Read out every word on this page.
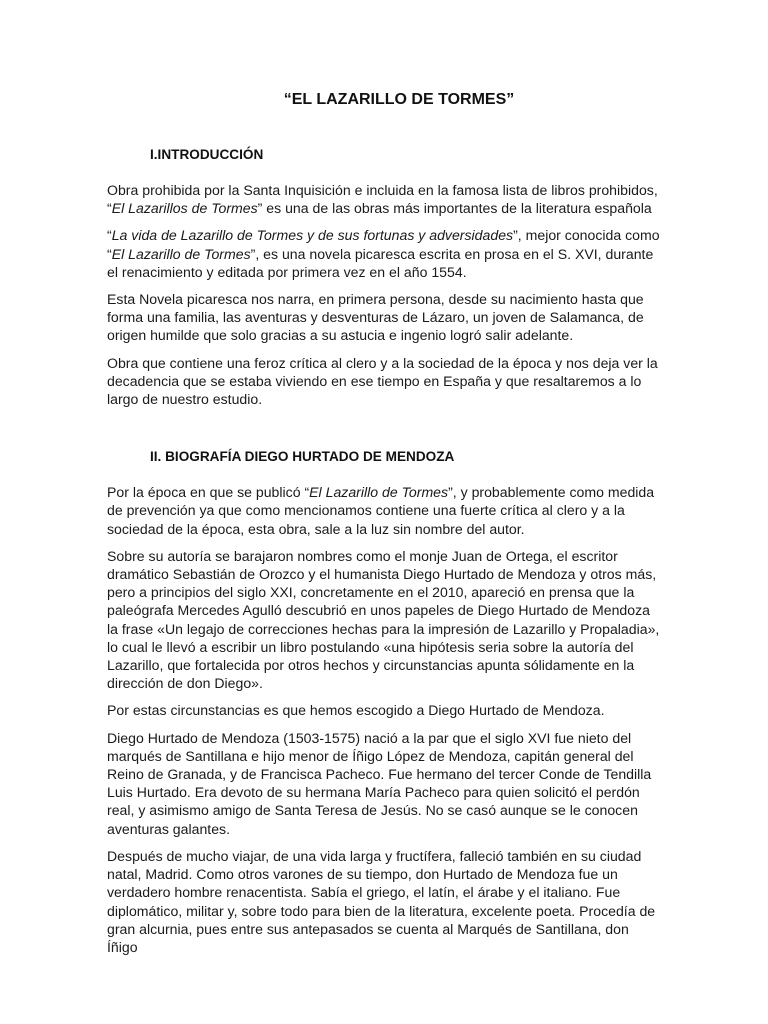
“EL LAZARILLO DE TORMES”
I.INTRODUCCIÓN

Obra prohibida por la Santa Inquisición e incluida en la famosa lista de libros prohibidos, “El Lazarillos de Tormes” es una de las obras más importantes de la literatura española

“La vida de Lazarillo de Tormes y de sus fortunas y adversidades”, mejor conocida como “El Lazarillo de Tormes”, es una novela picaresca escrita en prosa en el S. XVI, durante el renacimiento y editada por primera vez en el año 1554.

Esta Novela picaresca nos narra, en primera persona, desde su nacimiento hasta que forma una familia, las aventuras y desventuras de Lázaro, un joven de Salamanca, de origen humilde que solo gracias a su astucia e ingenio logró salir adelante.

Obra que contiene una feroz crítica al clero y a la sociedad de la época y nos deja ver la decadencia que se estaba viviendo en ese tiempo en España y que resaltaremos a lo largo de nuestro estudio.

II. BIOGRAFÍA DIEGO HURTADO DE MENDOZA

Por la época en que se publicó “El Lazarillo de Tormes”, y probablemente como medida de prevención ya que como mencionamos contiene una fuerte crítica al clero y a la sociedad de la época, esta obra, sale a la luz sin nombre del autor.

Sobre su autoría se barajaron nombres como el monje Juan de Ortega, el escritor dramático Sebastián de Orozco y el humanista Diego Hurtado de Mendoza y otros más, pero a principios del siglo XXI, concretamente en el 2010, apareció en prensa que la paleógrafa Mercedes Agulló descubrió en unos papeles de Diego Hurtado de Mendoza la frase «Un legajo de correcciones hechas para la impresión de Lazarillo y Propaladia», lo cual le llevó a escribir un libro postulando «una hipótesis seria sobre la autoría del Lazarillo, que fortalecida por otros hechos y circunstancias apunta sólidamente en la dirección de don Diego».

Por estas circunstancias es que hemos escogido a Diego Hurtado de Mendoza.

Diego Hurtado de Mendoza (1503-1575) nació a la par que el siglo XVI fue nieto del marqués de Santillana e hijo menor de Íñigo López de Mendoza, capitán general del Reino de Granada, y de Francisca Pacheco. Fue hermano del tercer Conde de Tendilla Luis Hurtado. Era devoto de su hermana María Pacheco para quien solicitó el perdón real, y asimismo amigo de Santa Teresa de Jesús. No se casó aunque se le conocen aventuras galantes.

Después de mucho viajar, de una vida larga y fructífera, falleció también en su ciudad natal, Madrid. Como otros varones de su tiempo, don Hurtado de Mendoza fue un verdadero hombre renacentista. Sabía el griego, el latín, el árabe y el italiano. Fue diplomático, militar y, sobre todo para bien de la literatura, excelente poeta. Procedía de gran alcurnia, pues entre sus antepasados se cuenta al Marqués de Santillana, don Íñigo
